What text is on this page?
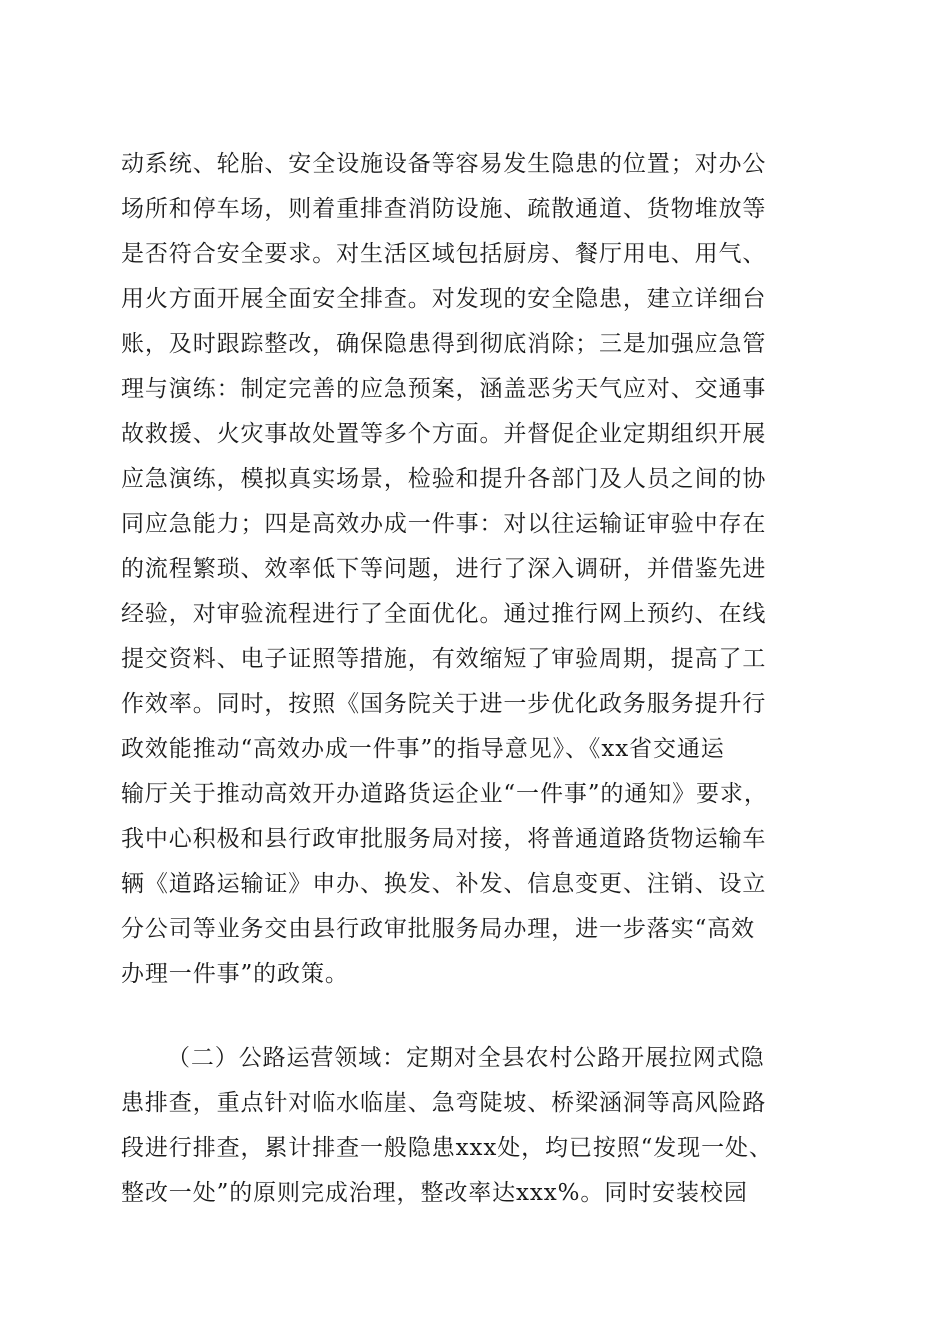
动系统、轮胎、安全设施设备等容易发生隐患的位置；对办公
场所和停车场，则着重排查消防设施、疏散通道、货物堆放等
是否符合安全要求。对生活区域包括厨房、餐厅用电、用气、
用火方面开展全面安全排查。对发现的安全隐患，建立详细台
账，及时跟踪整改，确保隐患得到彻底消除；三是加强应急管
理与演练：制定完善的应急预案，涵盖恶劣天气应对、交通事
故救援、火灾事故处置等多个方面。并督促企业定期组织开展
应急演练，模拟真实场景，检验和提升各部门及人员之间的协
同应急能力；四是高效办成一件事：对以往运输证审验中存在
的流程繁琐、效率低下等问题，进行了深入调研，并借鉴先进
经验，对审验流程进行了全面优化。通过推行网上预约、在线
提交资料、电子证照等措施，有效缩短了审验周期，提高了工
作效率。同时，按照《国务院关于进一步优化政务服务提升行
政效能推动“高效办成一件事”的指导意见》、《xx省交通运
输厅关于推动高效开办道路货运企业“一件事”的通知》要求，
我中心积极和县行政审批服务局对接，将普通道路货物运输车
辆《道路运输证》申办、换发、补发、信息变更、注销、设立
分公司等业务交由县行政审批服务局办理，进一步落实“高效
办理一件事”的政策。
（二）公路运营领域：定期对全县农村公路开展拉网式隐
患排查，重点针对临水临崖、急弯陡坡、桥梁涵洞等高风险路
段进行排查，累计排查一般隐患xxx处，均已按照“发现一处、
整改一处”的原则完成治理，整改率达xxx%。同时安装校园
